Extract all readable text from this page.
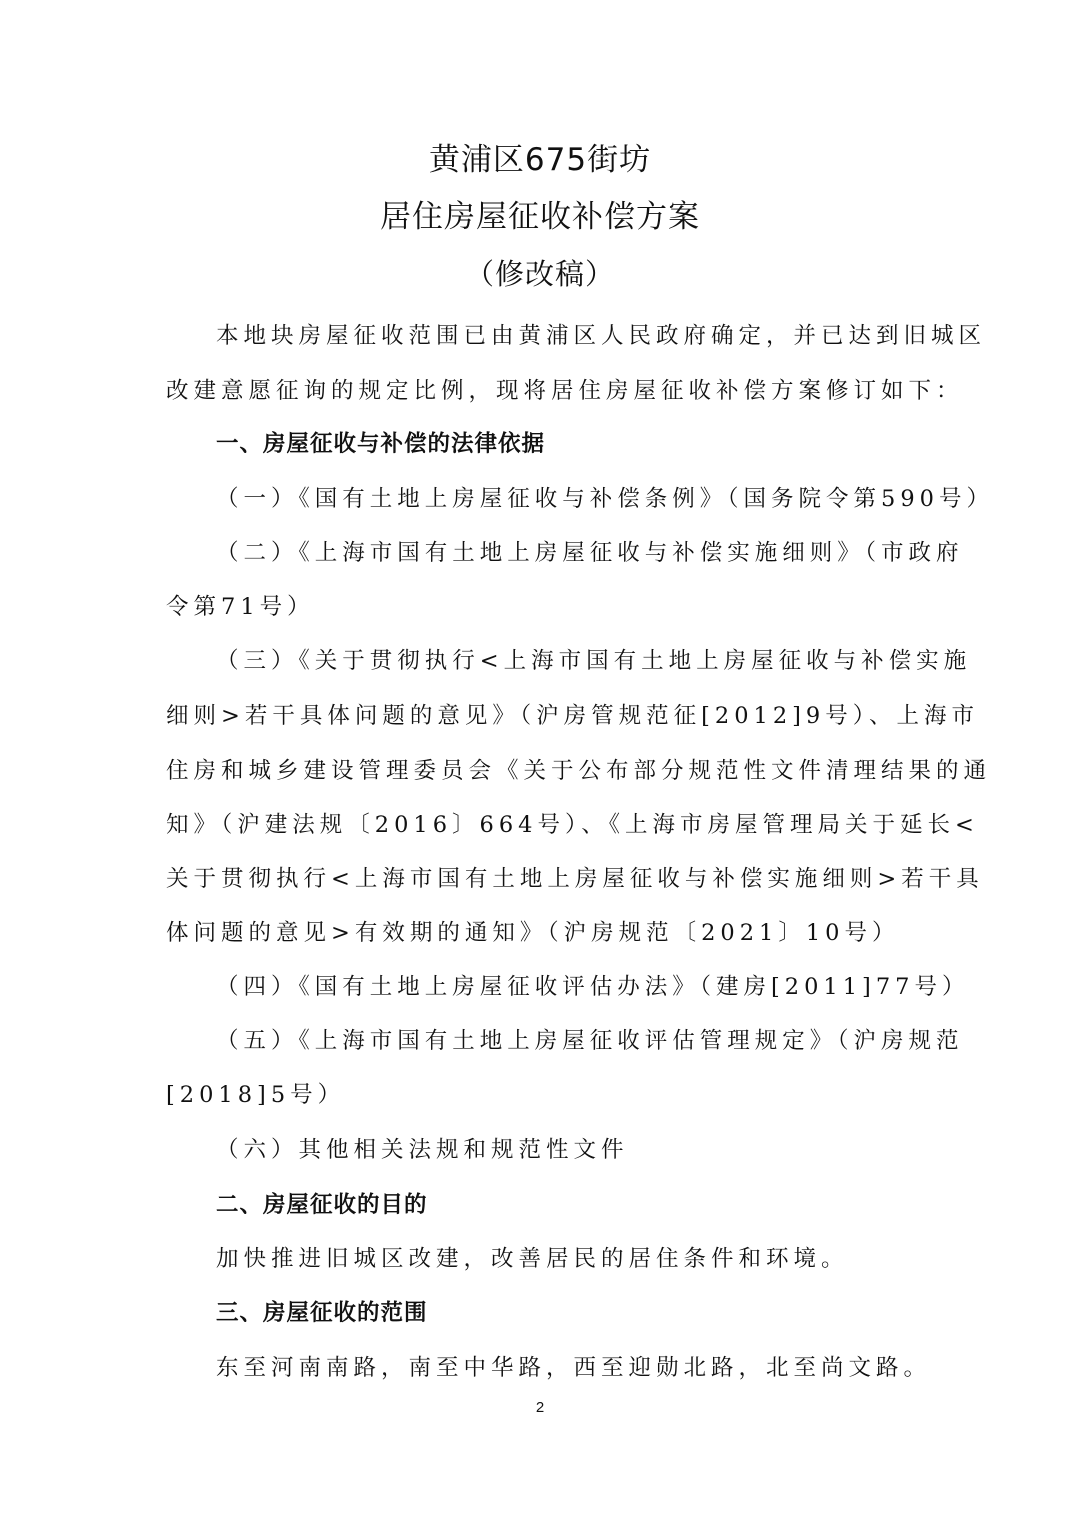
黄浦区675街坊
居住房屋征收补偿方案
（修改稿）
本地块房屋征收范围已由黄浦区人民政府确定，并已达到旧城区
改建意愿征询的规定比例，现将居住房屋征收补偿方案修订如下：
一、房屋征收与补偿的法律依据
（一）《国有土地上房屋征收与补偿条例》（国务院令第590号）
（二）《上海市国有土地上房屋征收与补偿实施细则》（市政府
令第71号）
（三）《关于贯彻执行<上海市国有土地上房屋征收与补偿实施
细则>若干具体问题的意见》（沪房管规范征[2012]9号）、上海市
住房和城乡建设管理委员会《关于公布部分规范性文件清理结果的通
知》（沪建法规〔2016〕664号）、《上海市房屋管理局关于延长<
关于贯彻执行<上海市国有土地上房屋征收与补偿实施细则>若干具
体问题的意见>有效期的通知》（沪房规范〔2021〕10号）
（四）《国有土地上房屋征收评估办法》（建房[2011]77号）
（五）《上海市国有土地上房屋征收评估管理规定》（沪房规范
[2018]5号）
（六）其他相关法规和规范性文件
二、房屋征收的目的
加快推进旧城区改建，改善居民的居住条件和环境。
三、房屋征收的范围
东至河南南路，南至中华路，西至迎勋北路，北至尚文路。
2
